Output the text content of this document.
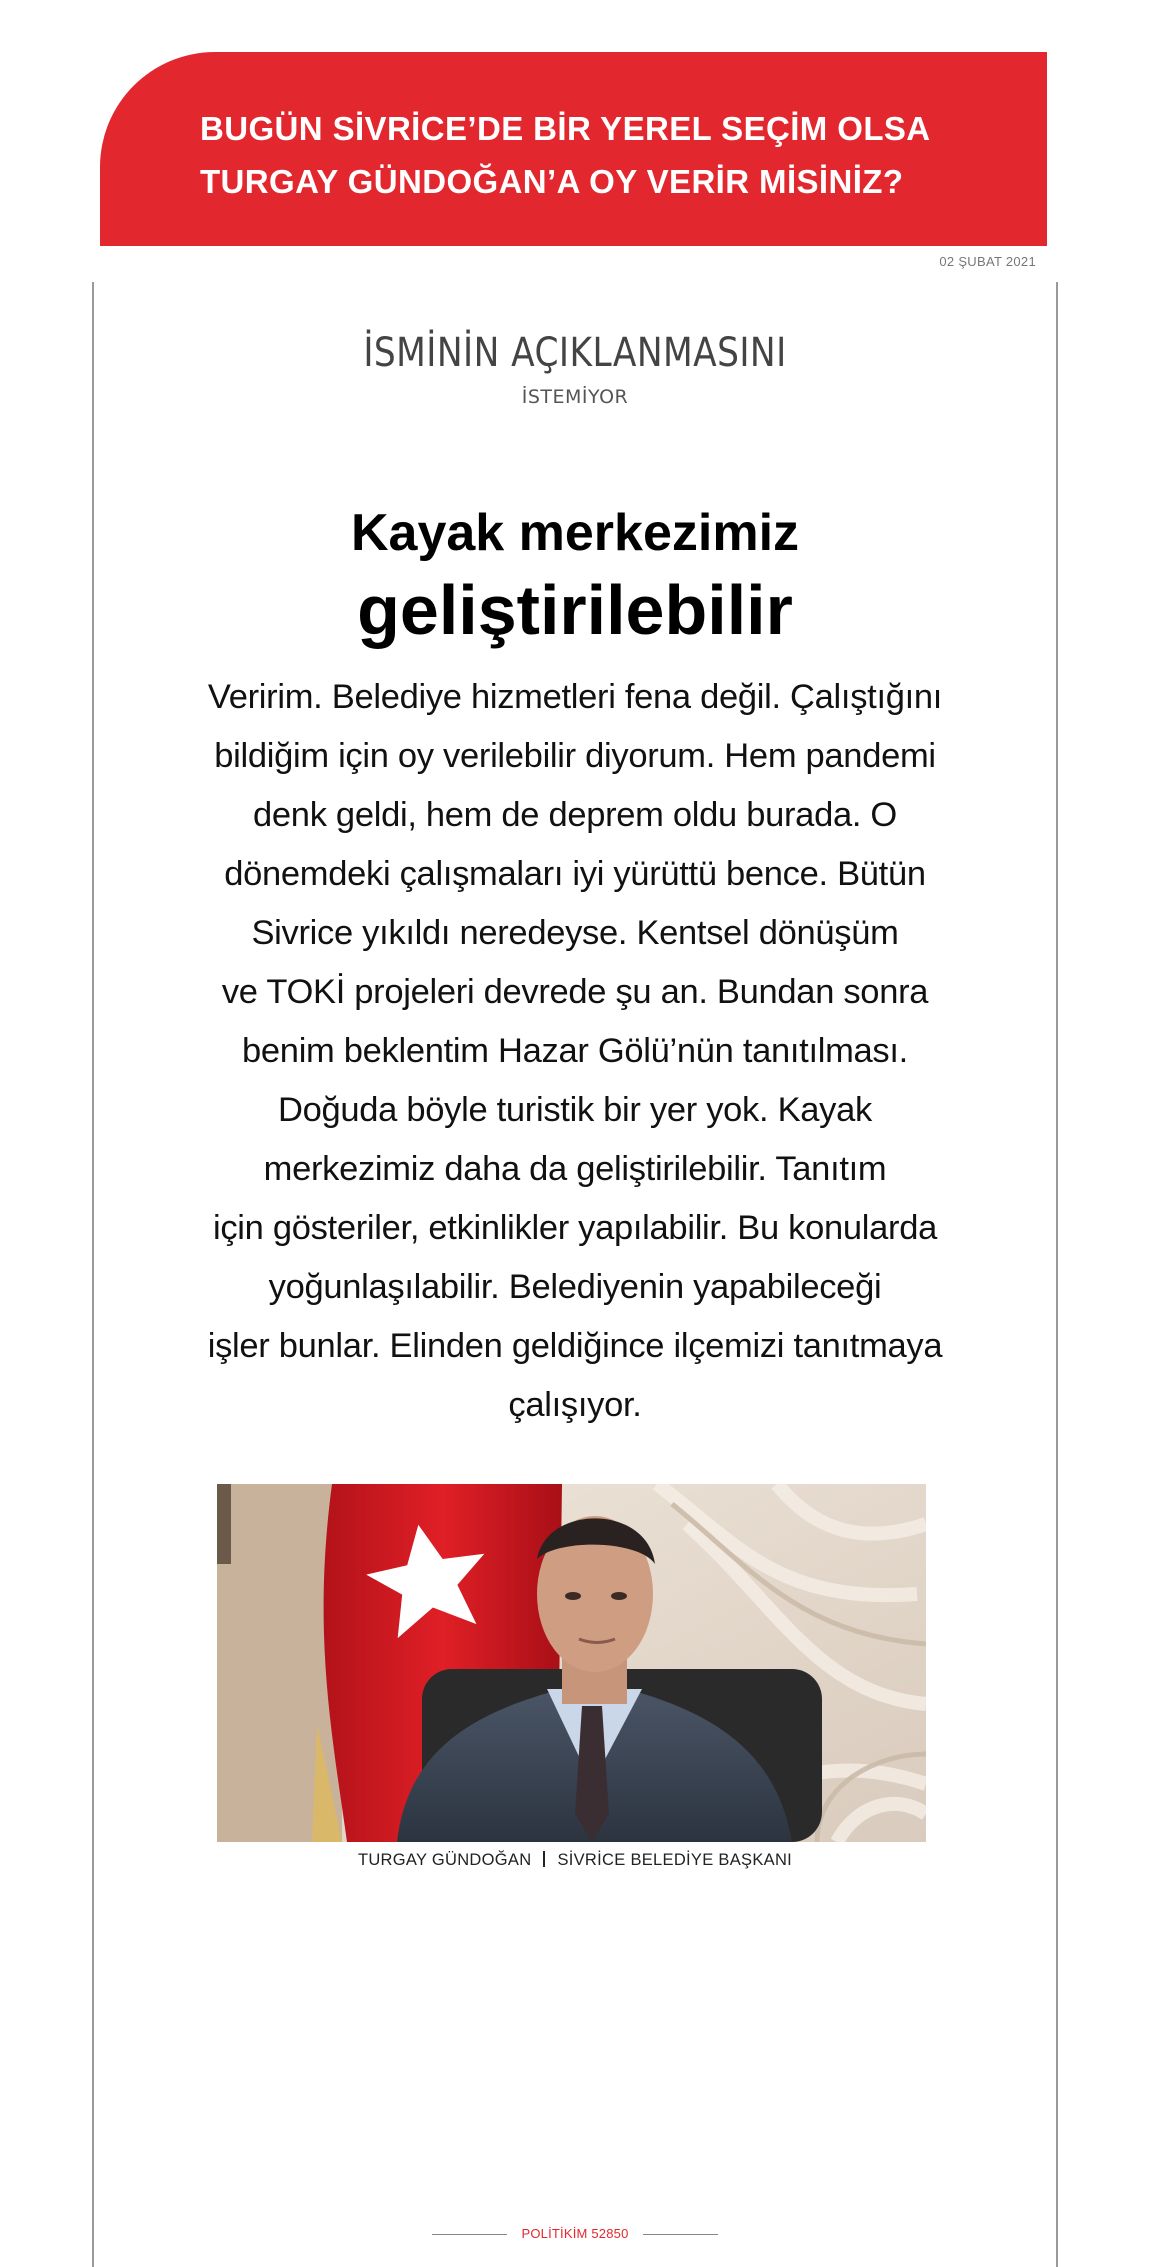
BUGÜN SİVRİCE’DE BİR YEREL SEÇİM OLSA
TURGAY GÜNDOĞAN’A OY VERİR MİSİNİZ?
02 ŞUBAT 2021
İSMİNİN AÇIKLANMASINI
İSTEMİYOR
Kayak merkezimiz
geliştirilebilir
Veririm. Belediye hizmetleri fena değil. Çalıştığını
bildiğim için oy verilebilir diyorum. Hem pandemi
denk geldi, hem de deprem oldu burada. O
dönemdeki çalışmaları iyi yürüttü bence. Bütün
Sivrice yıkıldı neredeyse. Kentsel dönüşüm
ve TOKİ projeleri devrede şu an. Bundan sonra
benim beklentim Hazar Gölü’nün tanıtılması.
Doğuda böyle turistik bir yer yok. Kayak
merkezimiz daha da geliştirilebilir. Tanıtım
için gösteriler, etkinlikler yapılabilir. Bu konularda
yoğunlaşılabilir. Belediyenin yapabileceği
işler bunlar. Elinden geldiğince ilçemizi tanıtmaya
çalışıyor.
TURGAY GÜNDOĞAN SİVRİCE BELEDİYE BAŞKANI
POLİTİKİM 52850
